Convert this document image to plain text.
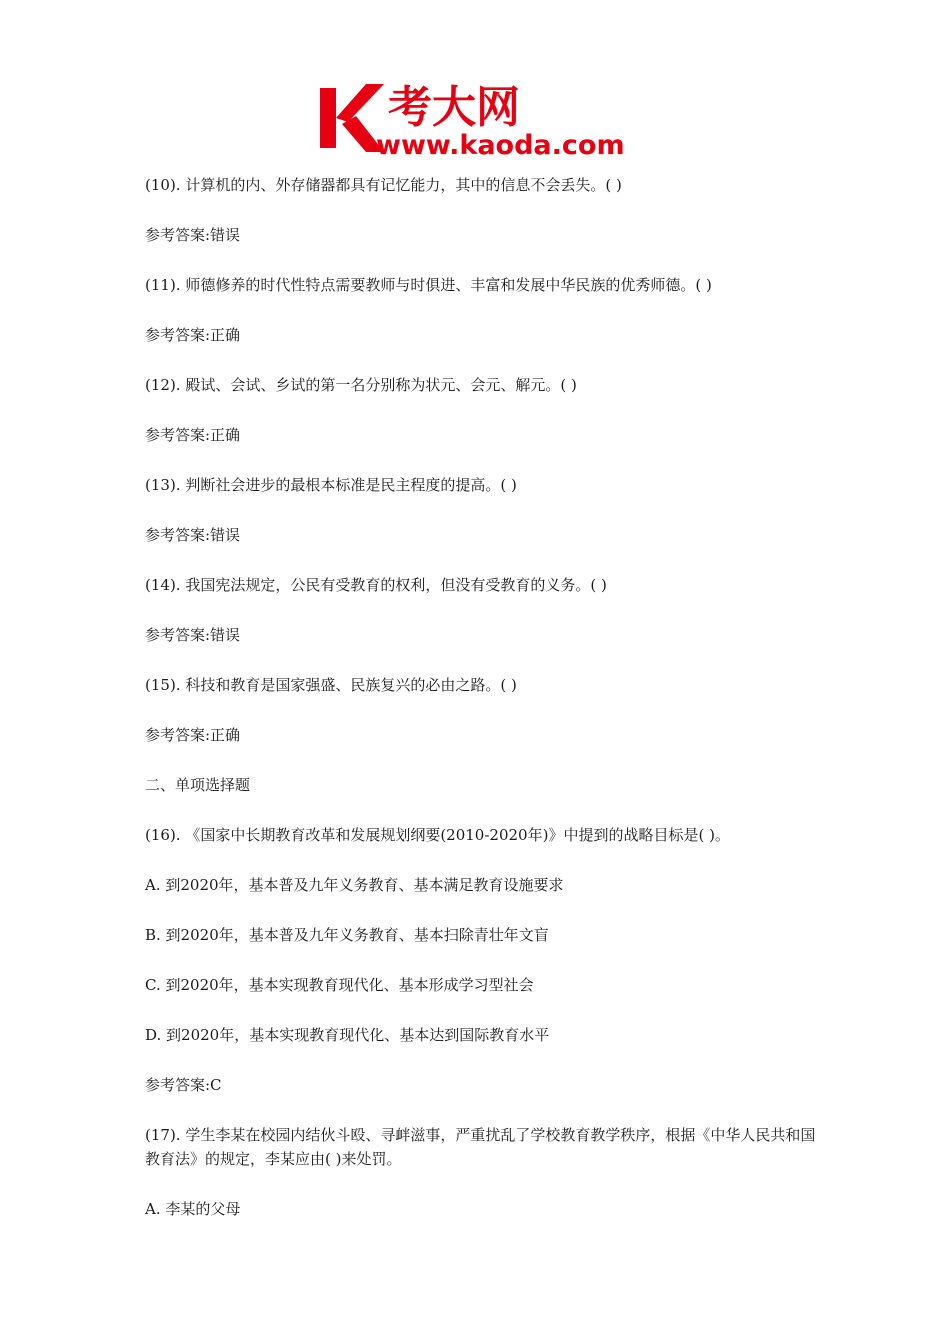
考大网
www.kaoda.com

(10). 计算机的内、外存储器都具有记忆能力，其中的信息不会丢失。( )

参考答案:错误

(11). 师德修养的时代性特点需要教师与时俱进、丰富和发展中华民族的优秀师德。( )

参考答案:正确

(12). 殿试、会试、乡试的第一名分别称为状元、会元、解元。( )

参考答案:正确

(13). 判断社会进步的最根本标准是民主程度的提高。( )

参考答案:错误

(14). 我国宪法规定，公民有受教育的权利，但没有受教育的义务。( )

参考答案:错误

(15). 科技和教育是国家强盛、民族复兴的必由之路。( )

参考答案:正确

二、单项选择题

(16). 《国家中长期教育改革和发展规划纲要(2010-2020年)》中提到的战略目标是( )。

A. 到2020年，基本普及九年义务教育、基本满足教育设施要求

B. 到2020年，基本普及九年义务教育、基本扫除青壮年文盲

C. 到2020年，基本实现教育现代化、基本形成学习型社会

D. 到2020年，基本实现教育现代化、基本达到国际教育水平

参考答案:C

(17). 学生李某在校园内结伙斗殴、寻衅滋事，严重扰乱了学校教育教学秩序，根据《中华人民共和国教育法》的规定，李某应由( )来处罚。

A. 李某的父母
